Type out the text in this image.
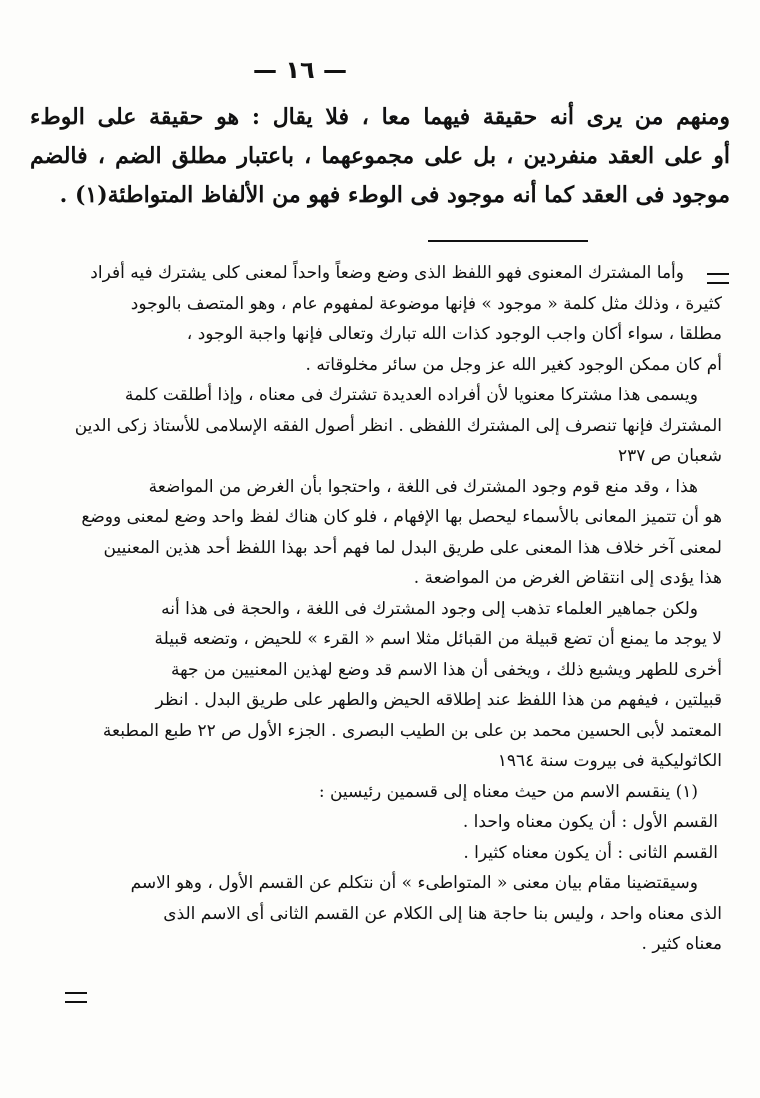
— ١٦ —
ومنهم من يرى أنه حقيقة فيهما معا ، فلا يقال : هو حقيقة على الوطء
أو على العقد منفردين ، بل على مجموعهما ، باعتبار مطلق الضم ، فالضم
موجود فى العقد كما أنه موجود فى الوطء فهو من الألفاظ المتواطئة(١) .
وأما المشترك المعنوى فهو اللفظ الذى وضع وضعاً واحداً لمعنى كلى يشترك فيه أفراد
كثيرة ، وذلك مثل كلمة « موجود » فإنها موضوعة لمفهوم عام ، وهو المتصف بالوجود
مطلقا ، سواء أكان واجب الوجود كذات الله تبارك وتعالى فإنها واجبة الوجود ،
أم كان ممكن الوجود كغير الله عز وجل من سائر مخلوقاته .
ويسمى هذا مشتركا معنويا لأن أفراده العديدة تشترك فى معناه ، وإذا أطلقت كلمة
المشترك فإنها تنصرف إلى المشترك اللفظى . انظر أصول الفقه الإسلامى للأستاذ زكى الدين
شعبان ص ٢٣٧
هذا ، وقد منع قوم وجود المشترك فى اللغة ، واحتجوا بأن الغرض من المواضعة
هو أن تتميز المعانى بالأسماء ليحصل بها الإفهام ، فلو كان هناك لفظ واحد وضع لمعنى ووضع
لمعنى آخر خلاف هذا المعنى على طريق البدل لما فهم أحد بهذا اللفظ أحد هذين المعنيين
هذا يؤدى إلى انتقاض الغرض من المواضعة .
ولكن جماهير العلماء تذهب إلى وجود المشترك فى اللغة ، والحجة فى هذا أنه
لا يوجد ما يمنع أن تضع قبيلة من القبائل مثلا اسم « القرء » للحيض ، وتضعه قبيلة
أخرى للطهر ويشيع ذلك ، ويخفى أن هذا الاسم قد وضع لهذين المعنيين من جهة
قبيلتين ، فيفهم من هذا اللفظ عند إطلاقه الحيض والطهر على طريق البدل . انظر
المعتمد لأبى الحسين محمد بن على بن الطيب البصرى . الجزء الأول ص ٢٢ طبع المطبعة
الكاثوليكية فى بيروت سنة ١٩٦٤
(١) ينقسم الاسم من حيث معناه إلى قسمين رئيسين :
القسم الأول : أن يكون معناه واحدا .
القسم الثانى : أن يكون معناه كثيرا .
وسيقتضينا مقام بيان معنى « المتواطىء » أن نتكلم عن القسم الأول ، وهو الاسم
الذى معناه واحد ، وليس بنا حاجة هنا إلى الكلام عن القسم الثانى أى الاسم الذى
معناه كثير .
